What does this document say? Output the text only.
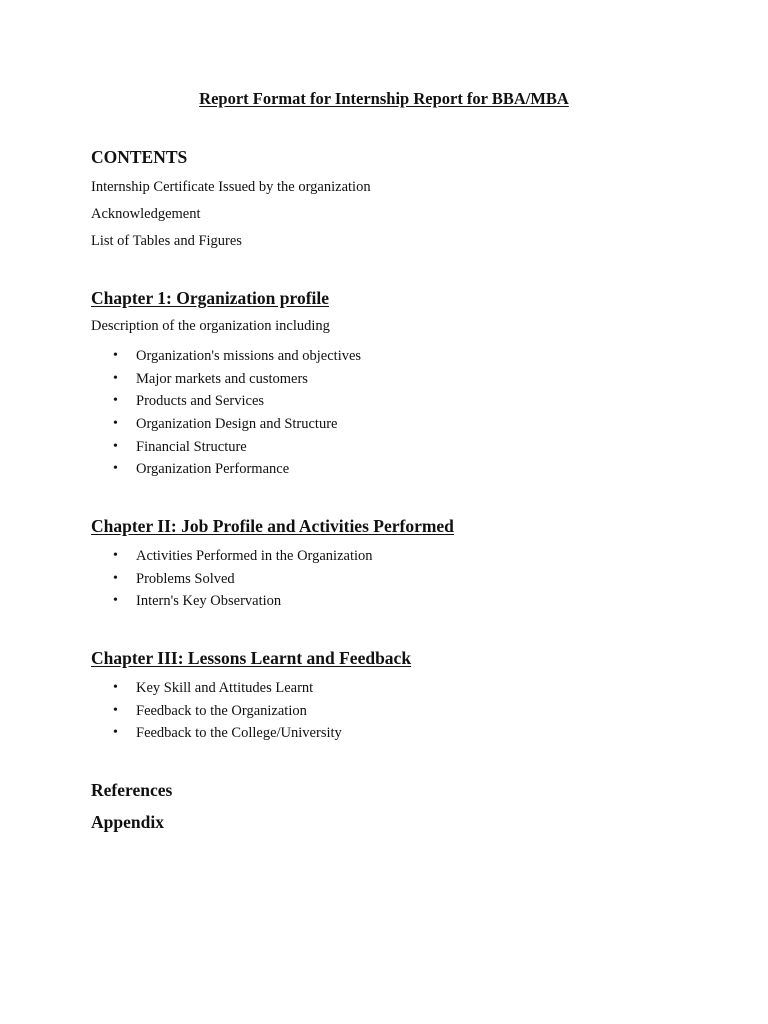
Report Format for Internship Report for BBA/MBA
CONTENTS

Internship Certificate Issued by the organization

Acknowledgement

List of Tables and Figures

Chapter 1: Organization profile

Description of the organization including

• Organization's missions and objectives
• Major markets and customers
• Products and Services
• Organization Design and Structure
• Financial Structure
• Organization Performance
Chapter II: Job Profile and Activities Performed
• Activities Performed in the Organization
• Problems Solved
• Intern's Key Observation
Chapter III: Lessons Learnt and Feedback
• Key Skill and Attitudes Learnt
• Feedback to the Organization
• Feedback to the College/University
References
Appendix
